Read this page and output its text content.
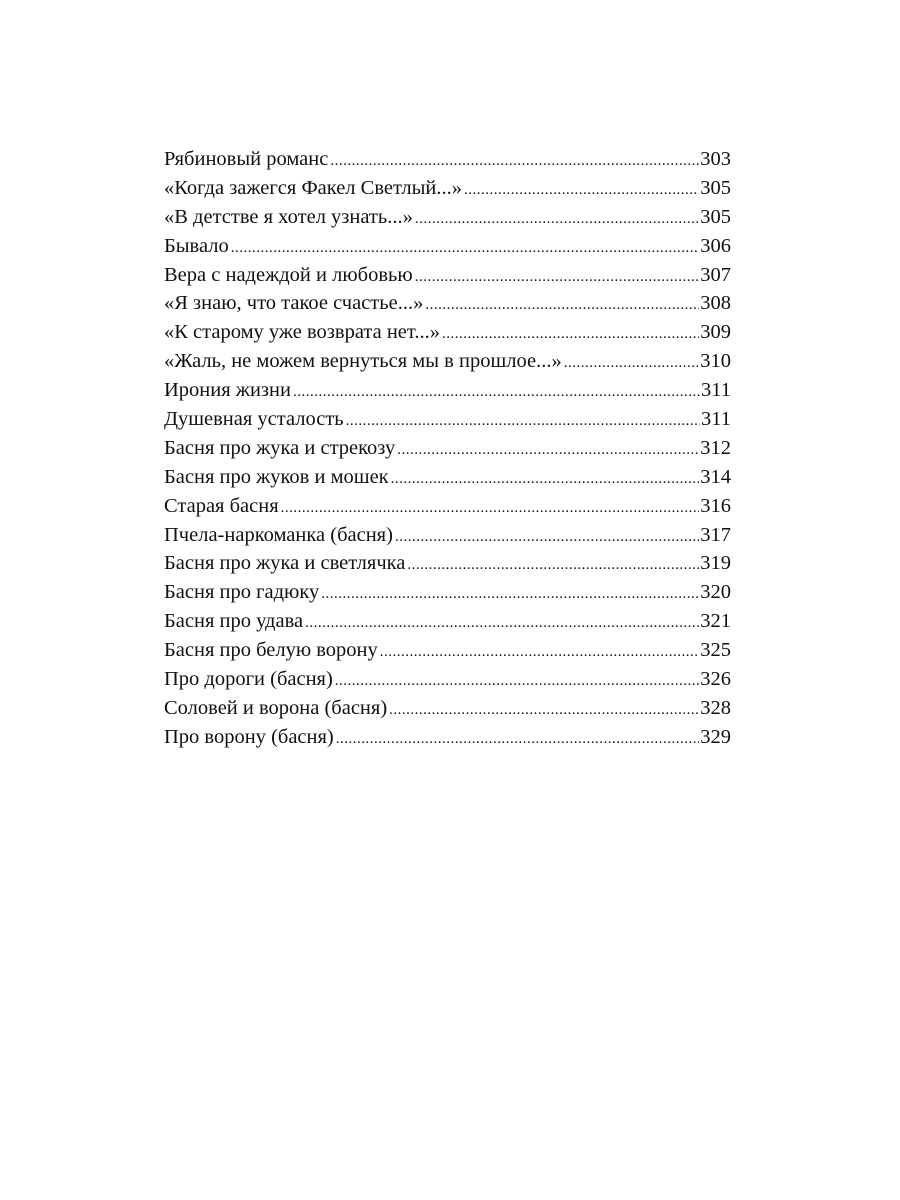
Рябиновый романс .....	303
«Когда зажегся Факел Светлый...» .....	305
«В детстве я хотел узнать...» .....	305
Бывало .....	306
Вера с надеждой и любовью .....	307
«Я знаю, что такое счастье...» .....	308
«К старому уже возврата нет...» .....	309
«Жаль, не можем вернуться мы в прошлое...» .....	310
Ирония жизни .....	311
Душевная усталость .....	311
Басня про жука и стрекозу .....	312
Басня про жуков и мошек .....	314
Старая басня .....	316
Пчела-наркоманка (басня) .....	317
Басня про жука и светлячка .....	319
Басня про гадюку .....	320
Басня про удава .....	321
Басня про белую ворону .....	325
Про дороги (басня) .....	326
Соловей и ворона (басня) .....	328
Про ворону (басня) .....	329
